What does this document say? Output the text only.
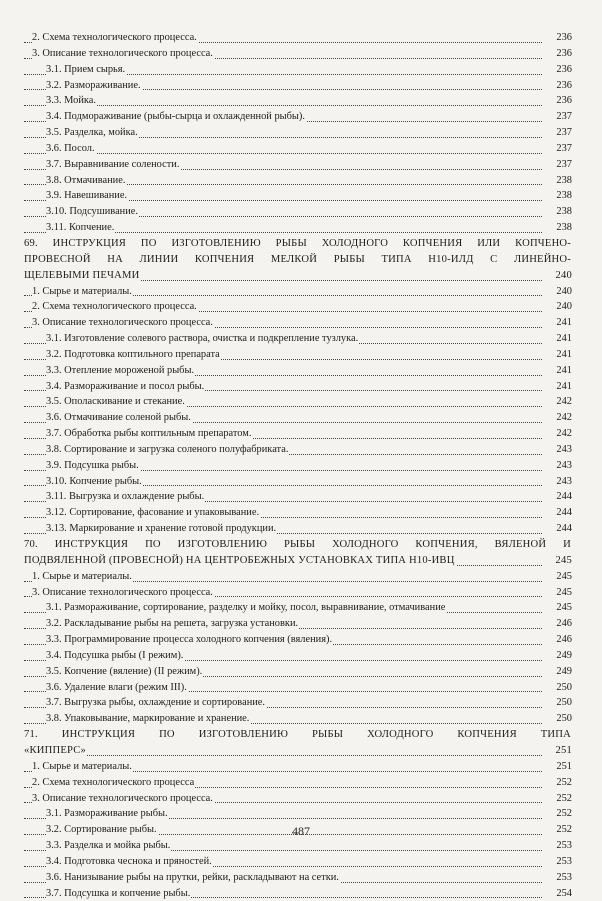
2. Схема технологического процесса.	236
3. Описание технологического процесса.	236
3.1. Прием сырья.	236
3.2. Размораживание.	236
3.3. Мойка.	236
3.4. Подмораживание (рыбы-сырца и охлажденной рыбы).	237
3.5. Разделка, мойка.	237
3.6. Посол.	237
3.7. Выравнивание солености.	237
3.8. Отмачивание.	238
3.9. Навешивание.	238
3.10. Подсушивание.	238
3.11. Копчение.	238
69. ИНСТРУКЦИЯ ПО ИЗГОТОВЛЕНИЮ РЫБЫ ХОЛОДНОГО КОПЧЕНИЯ ИЛИ КОПЧЕНО-
ПРОВЕСНОЙ НА ЛИНИИ КОПЧЕНИЯ МЕЛКОЙ РЫБЫ ТИПА Н10-ИЛД С ЛИНЕЙНО-
ЩЕЛЕВЫМИ ПЕЧАМИ	240
1. Сырье и материалы.	240
2. Схема технологического процесса.	240
3. Описание технологического процесса.	241
3.1. Изготовление солевого раствора, очистка и подкрепление тузлука.	241
3.2. Подготовка коптильного препарата	241
3.3. Отепление мороженой рыбы.	241
3.4. Размораживание и посол рыбы.	241
3.5. Ополаскивание и стекание.	242
3.6. Отмачивание соленой рыбы.	242
3.7. Обработка рыбы коптильным препаратом.	242
3.8. Сортирование и загрузка соленого полуфабриката.	243
3.9. Подсушка рыбы.	243
3.10. Копчение рыбы.	243
3.11. Выгрузка и охлаждение рыбы.	244
3.12. Сортирование, фасование и упаковывание.	244
3.13. Маркирование и хранение готовой продукции.	244
70. ИНСТРУКЦИЯ ПО ИЗГОТОВЛЕНИЮ РЫБЫ ХОЛОДНОГО КОПЧЕНИЯ, ВЯЛЕНОЙ И
ПОДВЯЛЕННОЙ (ПРОВЕСНОЙ) НА ЦЕНТРОБЕЖНЫХ УСТАНОВКАХ ТИПА Н10-ИВЦ	245
1. Сырье и материалы.	245
3. Описание технологического процесса.	245
3.1. Размораживание, сортирование, разделку и мойку, посол, выравнивание, отмачивание	245
3.2. Раскладывание рыбы на решета, загрузка установки.	246
3.3. Программирование процесса холодного копчения (вяления).	246
3.4. Подсушка рыбы (I режим).	249
3.5. Копчение (вяление) (II режим).	249
3.6. Удаление влаги (режим III).	250
3.7. Выгрузка рыбы, охлаждение и сортирование.	250
3.8. Упаковывание, маркирование и хранение.	250
71. ИНСТРУКЦИЯ ПО ИЗГОТОВЛЕНИЮ РЫБЫ ХОЛОДНОГО КОПЧЕНИЯ ТИПА
«КИППЕРС»	251
1. Сырье и материалы.	251
2. Схема технологического процесса	252
3. Описание технологического процесса.	252
3.1. Размораживание рыбы.	252
3.2. Сортирование рыбы.	252
3.3. Разделка и мойка рыбы.	253
3.4. Подготовка чеснока и пряностей.	253
3.6. Нанизывание рыбы на прутки, рейки, раскладывают на сетки.	253
3.7. Подсушка и копчение рыбы.	254
487
